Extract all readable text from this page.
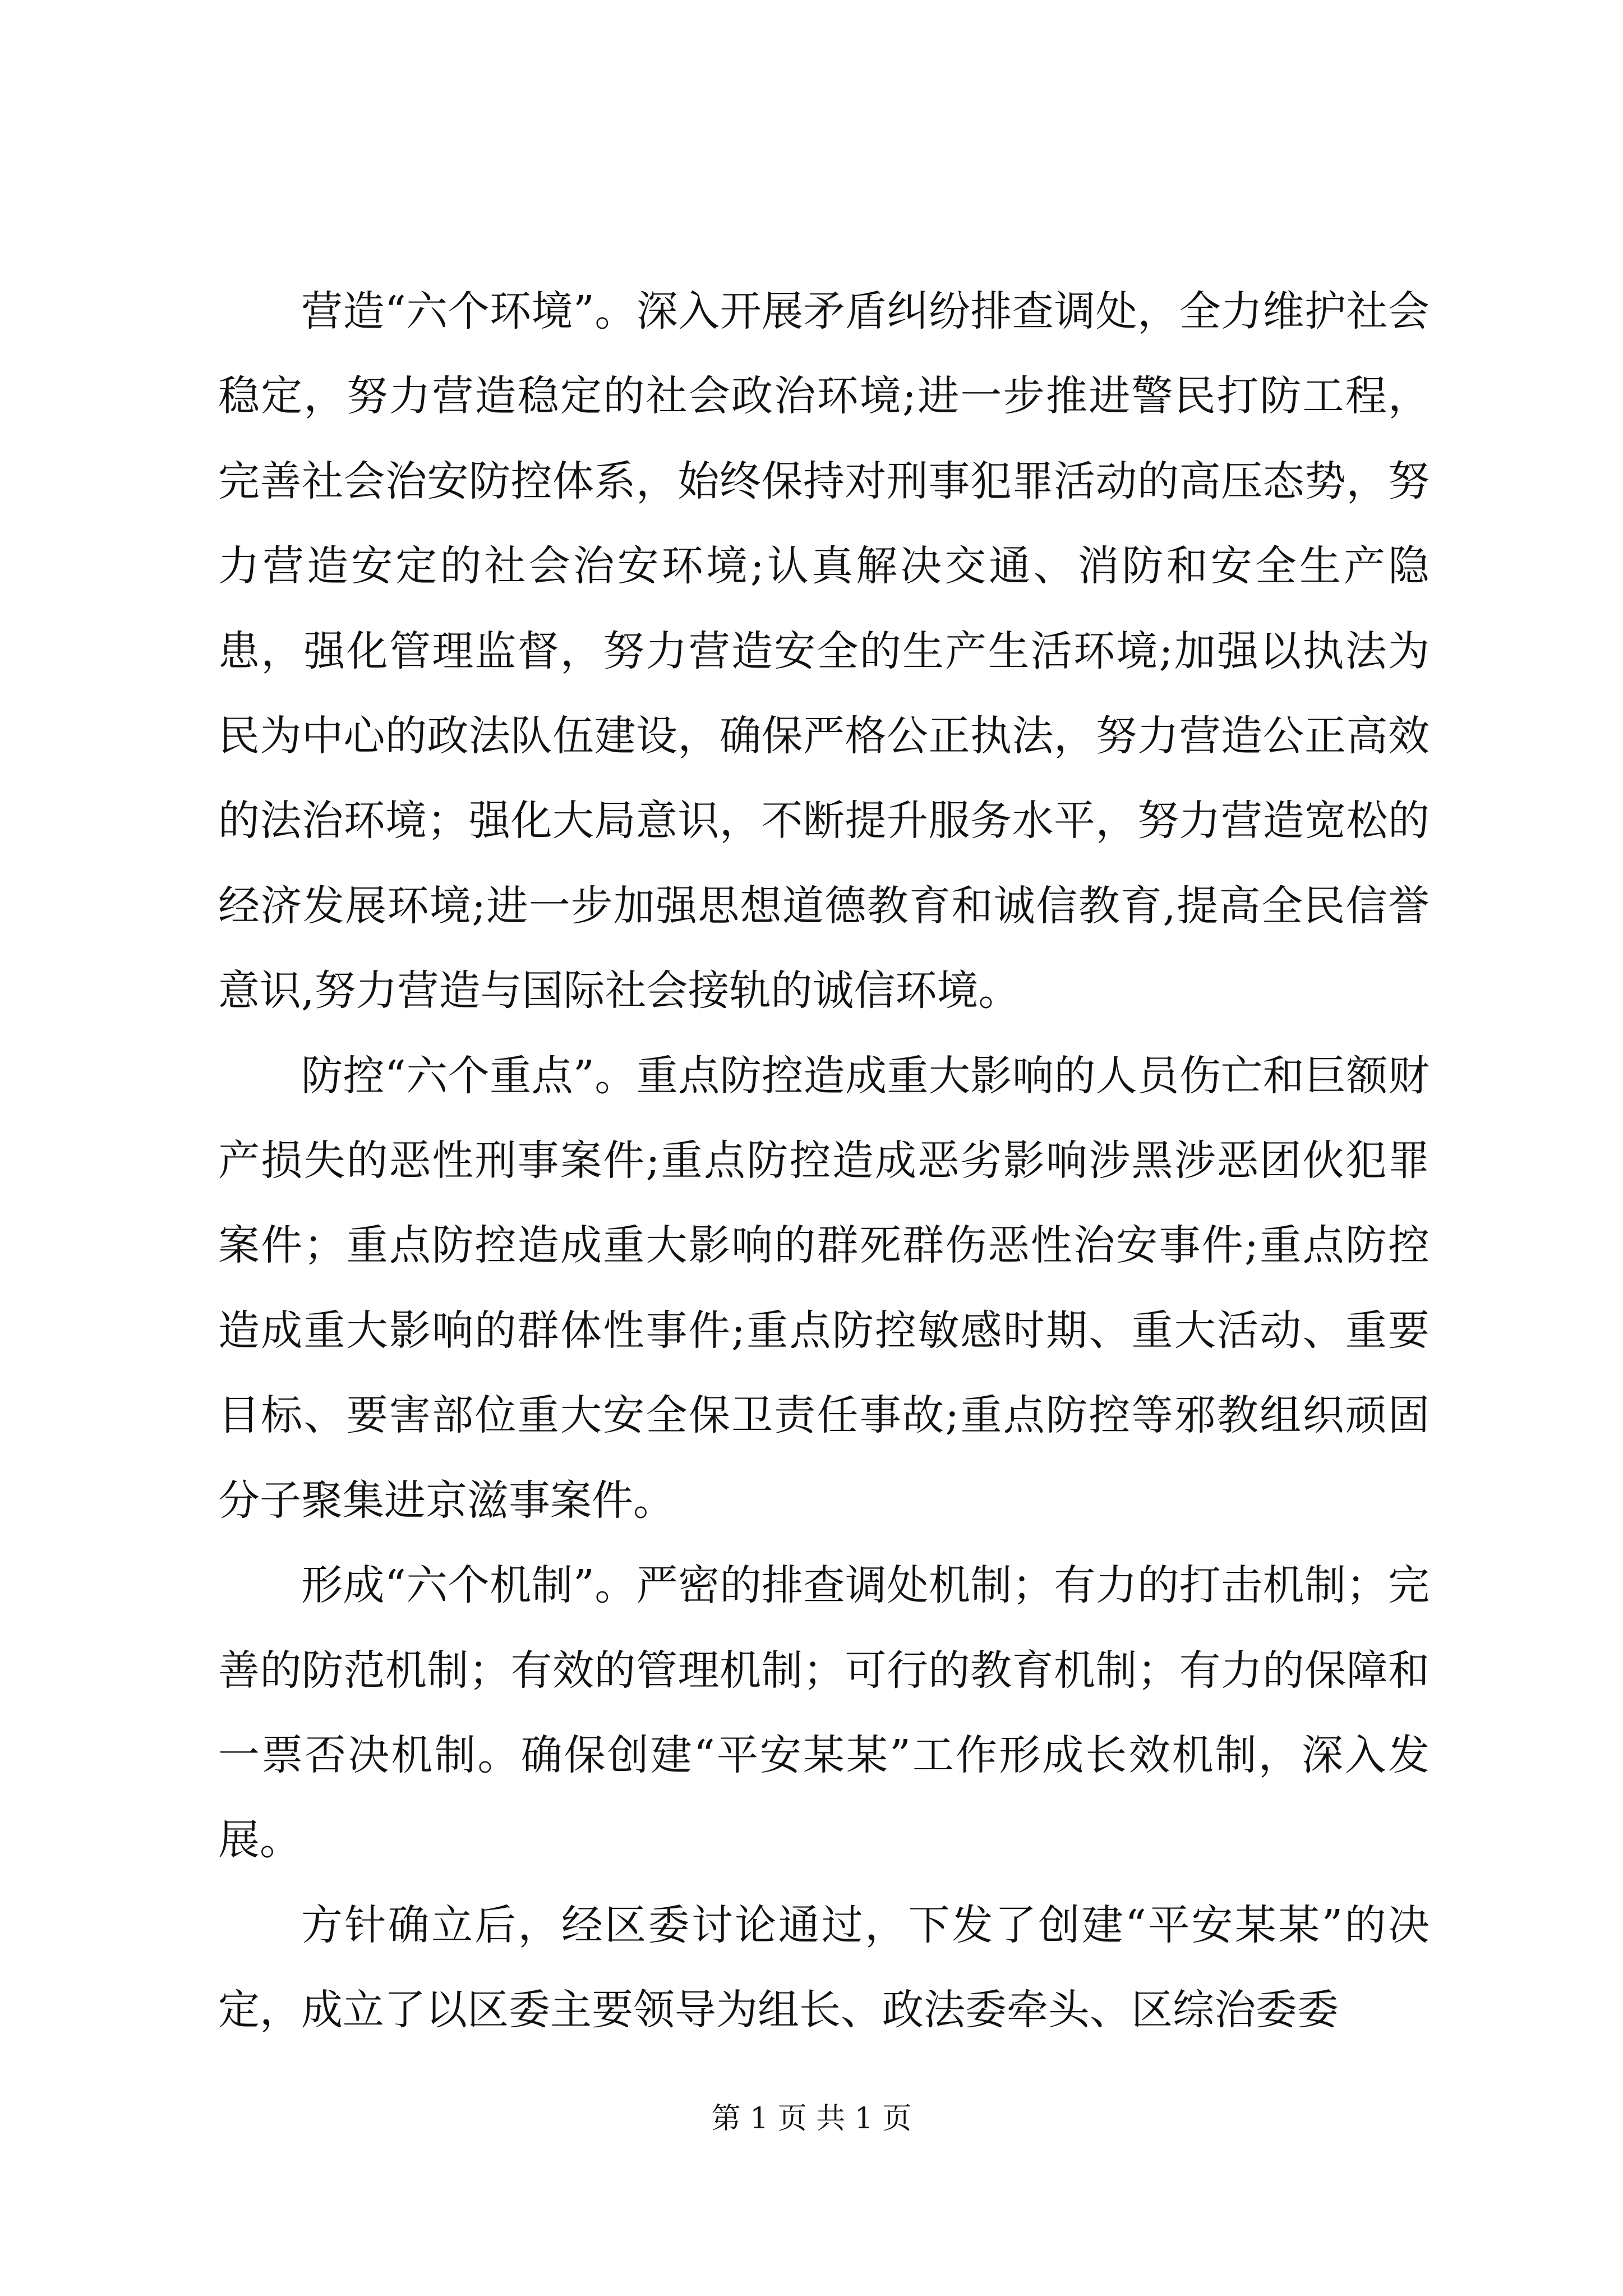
营造“六个环境”。深入开展矛盾纠纷排查调处，全力维护社会稳定，努力营造稳定的社会政治环境;进一步推进警民打防工程，完善社会治安防控体系，始终保持对刑事犯罪活动的高压态势，努力营造安定的社会治安环境;认真解决交通、消防和安全生产隐患，强化管理监督，努力营造安全的生产生活环境;加强以执法为民为中心的政法队伍建设，确保严格公正执法，努力营造公正高效的法治环境；强化大局意识，不断提升服务水平，努力营造宽松的经济发展环境;进一步加强思想道德教育和诚信教育,提高全民信誉意识,努力营造与国际社会接轨的诚信环境。

防控“六个重点”。重点防控造成重大影响的人员伤亡和巨额财产损失的恶性刑事案件;重点防控造成恶劣影响涉黑涉恶团伙犯罪案件；重点防控造成重大影响的群死群伤恶性治安事件;重点防控造成重大影响的群体性事件;重点防控敏感时期、重大活动、重要目标、要害部位重大安全保卫责任事故;重点防控等邪教组织顽固分子聚集进京滋事案件。

形成“六个机制”。严密的排查调处机制；有力的打击机制；完善的防范机制；有效的管理机制；可行的教育机制；有力的保障和一票否决机制。确保创建“平安某某”工作形成长效机制，深入发展。

方针确立后，经区委讨论通过，下发了创建“平安某某”的决定，成立了以区委主要领导为组长、政法委牵头、区综治委委

第 1 页 共 1 页
